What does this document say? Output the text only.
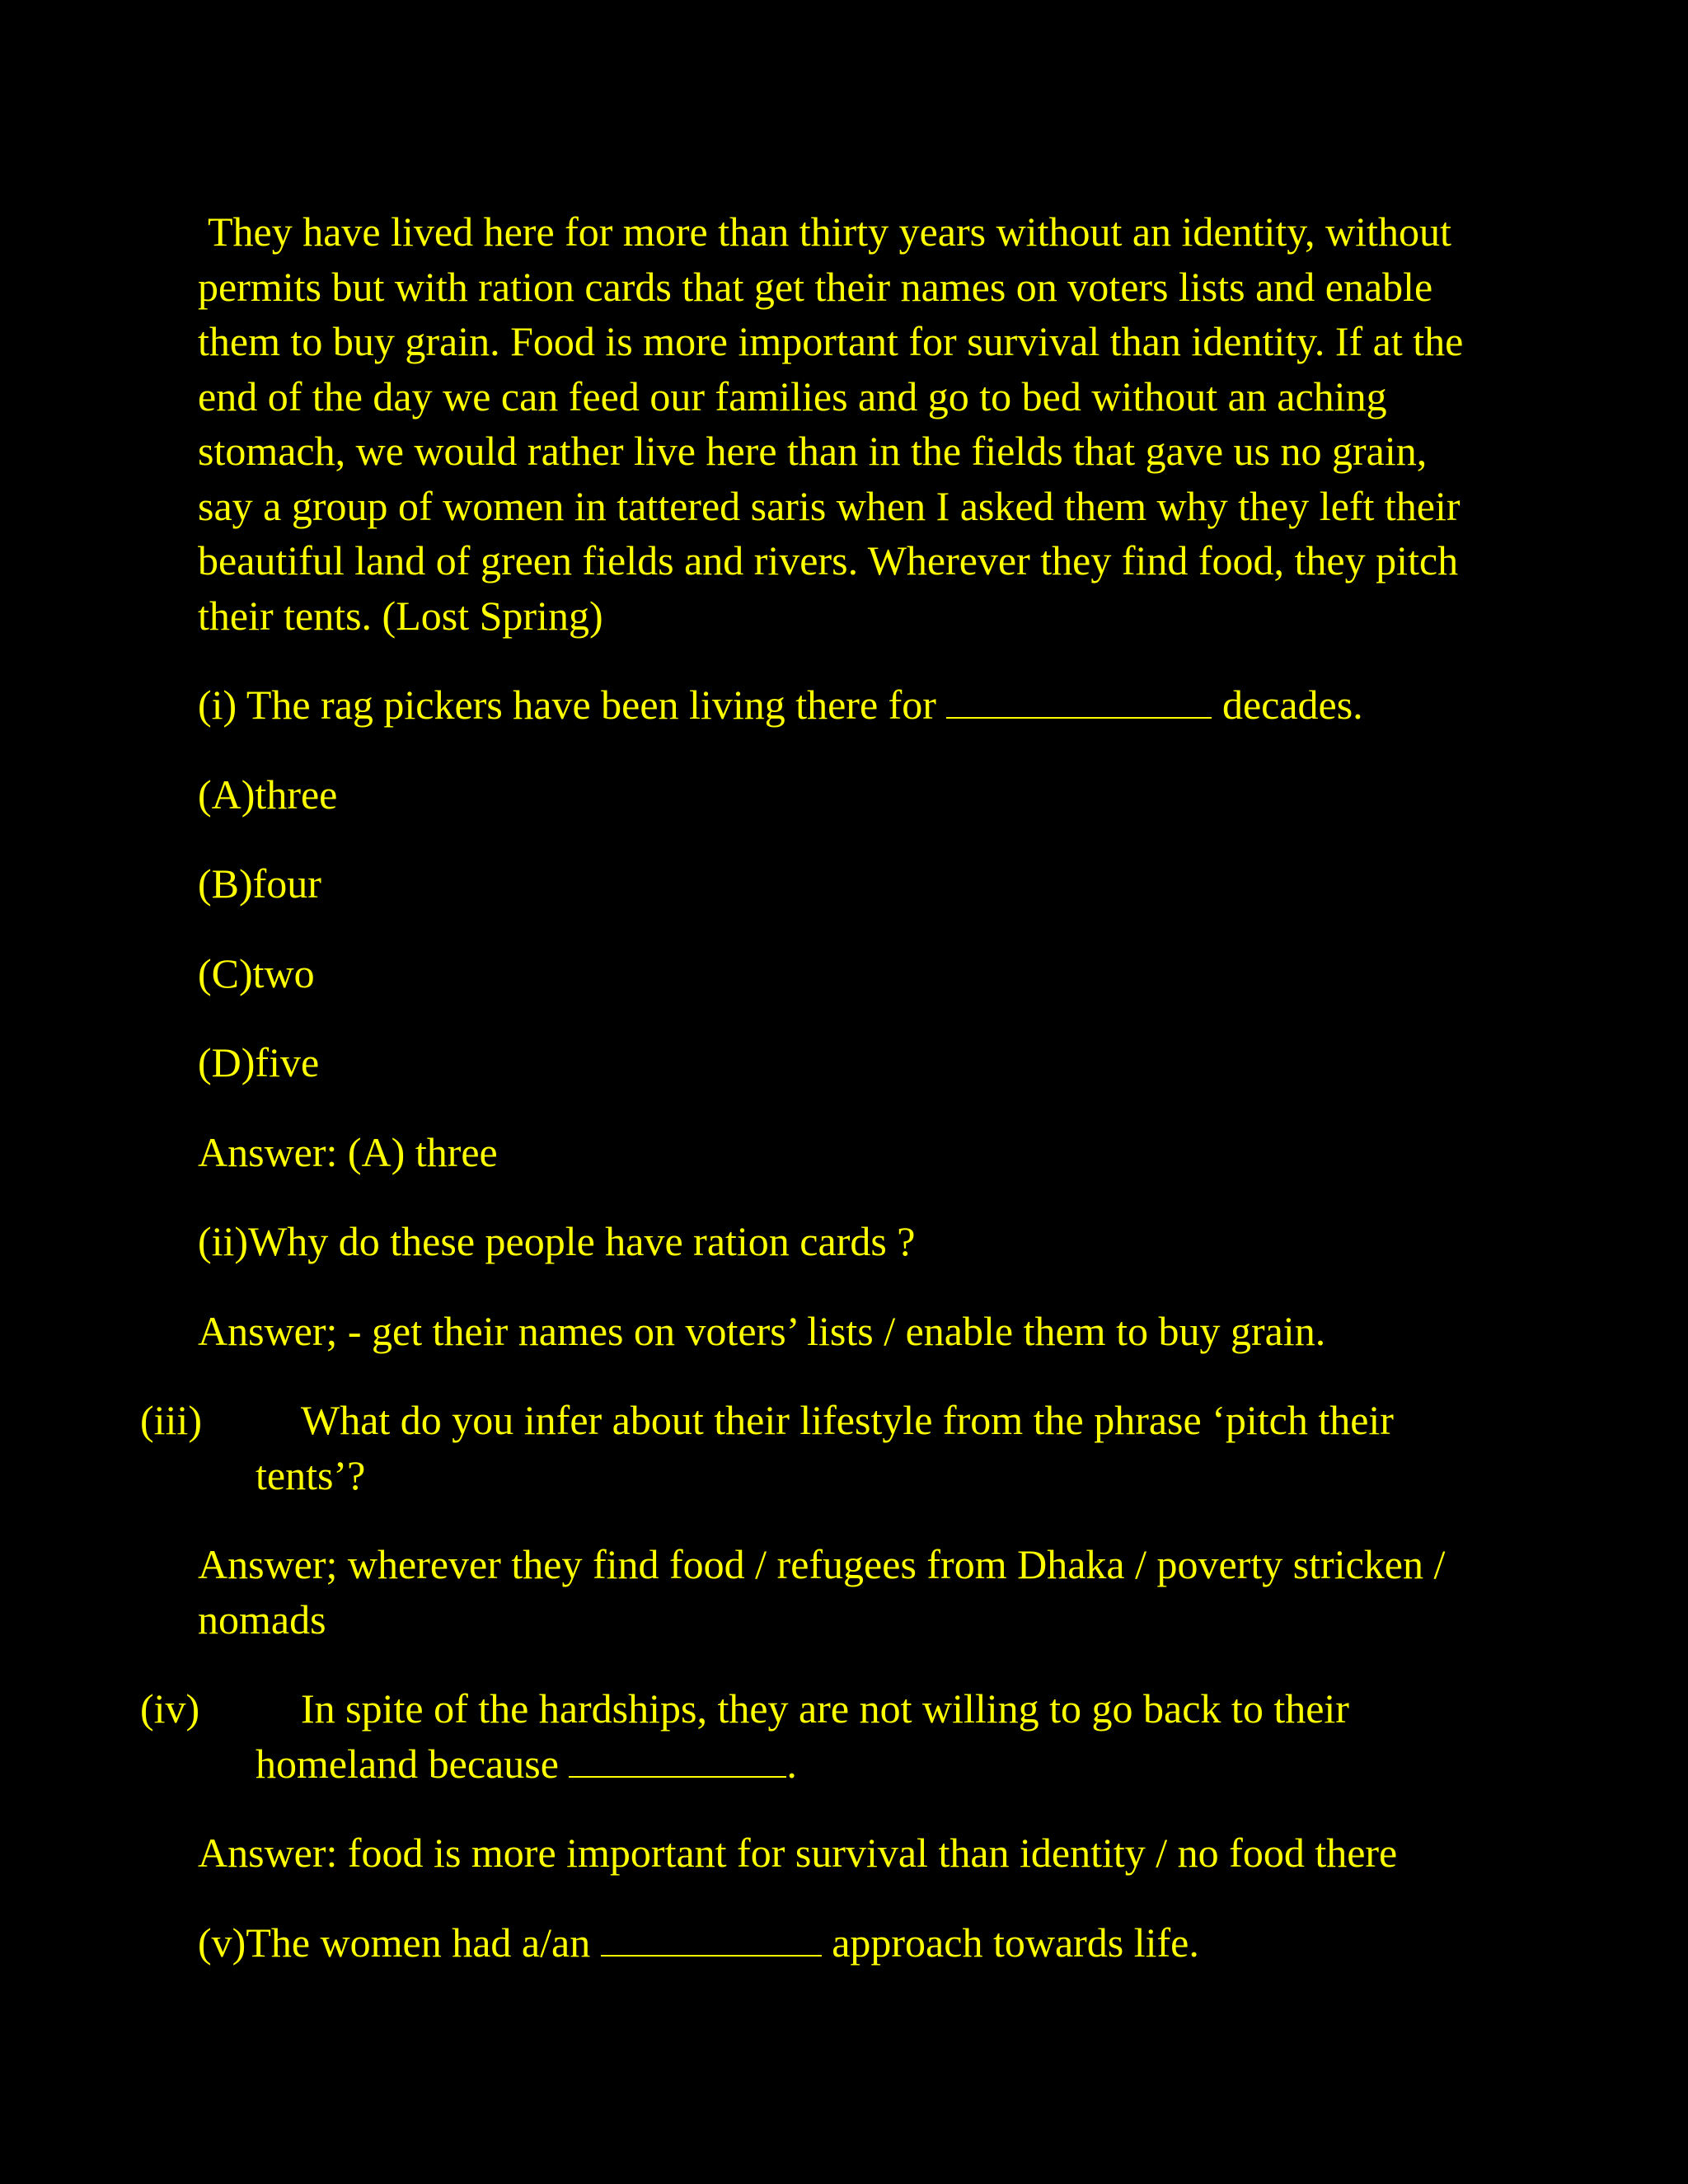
They have lived here for more than thirty years without an identity, without permits but with ration cards that get their names on voters lists and enable them to buy grain. Food is more important for survival than identity. If at the end of the day we can feed our families and go to bed without an aching stomach, we would rather live here than in the fields that gave us no grain, say a group of women in tattered saris when I asked them why they left their beautiful land of green fields and rivers. Wherever they find food, they pitch their tents. (Lost Spring)

(i) The rag pickers have been living there for	decades.

(A)three

(B)four

(C)two

(D)five

Answer: (A) three

(ii)Why do these people have ration cards ?

Answer; - get their names on voters’ lists / enable them to buy grain.

(iii) What do you infer about their lifestyle from the phrase ‘pitch their tents’?

Answer; wherever they find food / refugees from Dhaka / poverty stricken / nomads

(iv) In spite of the hardships, they are not willing to go back to their homeland because	.

Answer: food is more important for survival than identity / no food there

(v)The women had a/an	approach towards life.
